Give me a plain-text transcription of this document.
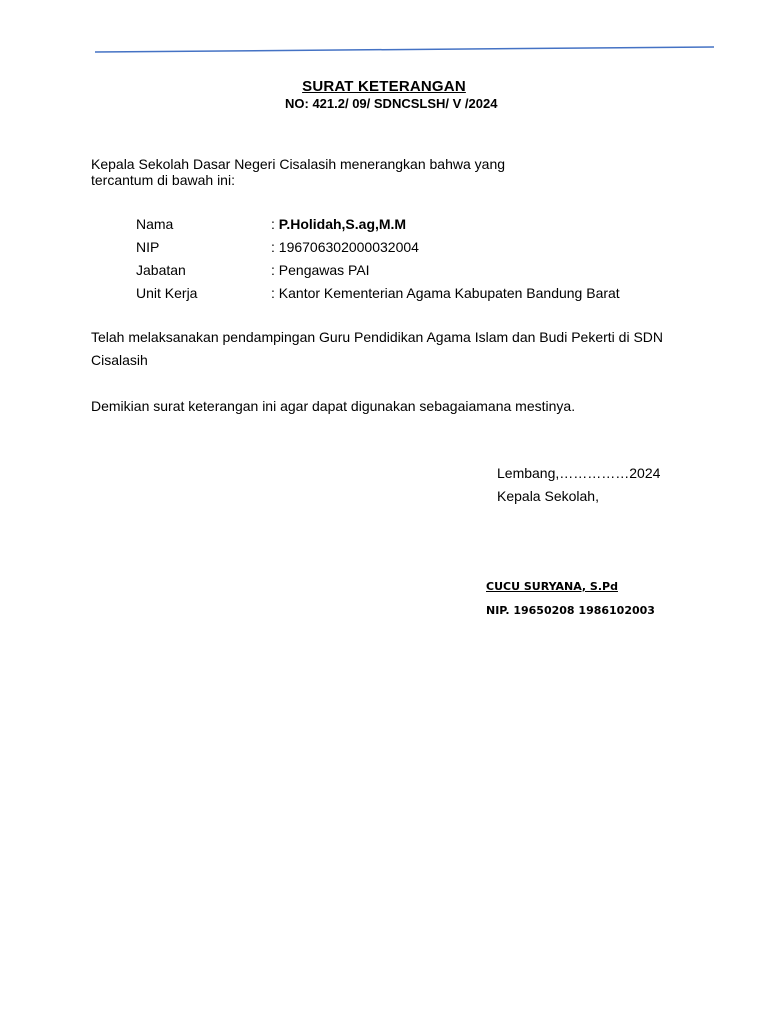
SURAT KETERANGAN
NO: 421.2/ 09/ SDNCSLSH/ V /2024
Kepala Sekolah Dasar Negeri Cisalasih menerangkan bahwa yang tercantum di bawah ini:
Nama	: P.Holidah,S.ag,M.M
NIP	: 196706302000032004
Jabatan	: Pengawas PAI
Unit Kerja	: Kantor Kementerian Agama Kabupaten Bandung Barat
Telah melaksanakan pendampingan Guru Pendidikan Agama Islam dan Budi Pekerti di SDN Cisalasih
Demikian surat keterangan ini agar dapat digunakan sebagaiamana mestinya.
Lembang,……………2024
Kepala Sekolah,
CUCU SURYANA, S.Pd
NIP. 19650208 1986102003
